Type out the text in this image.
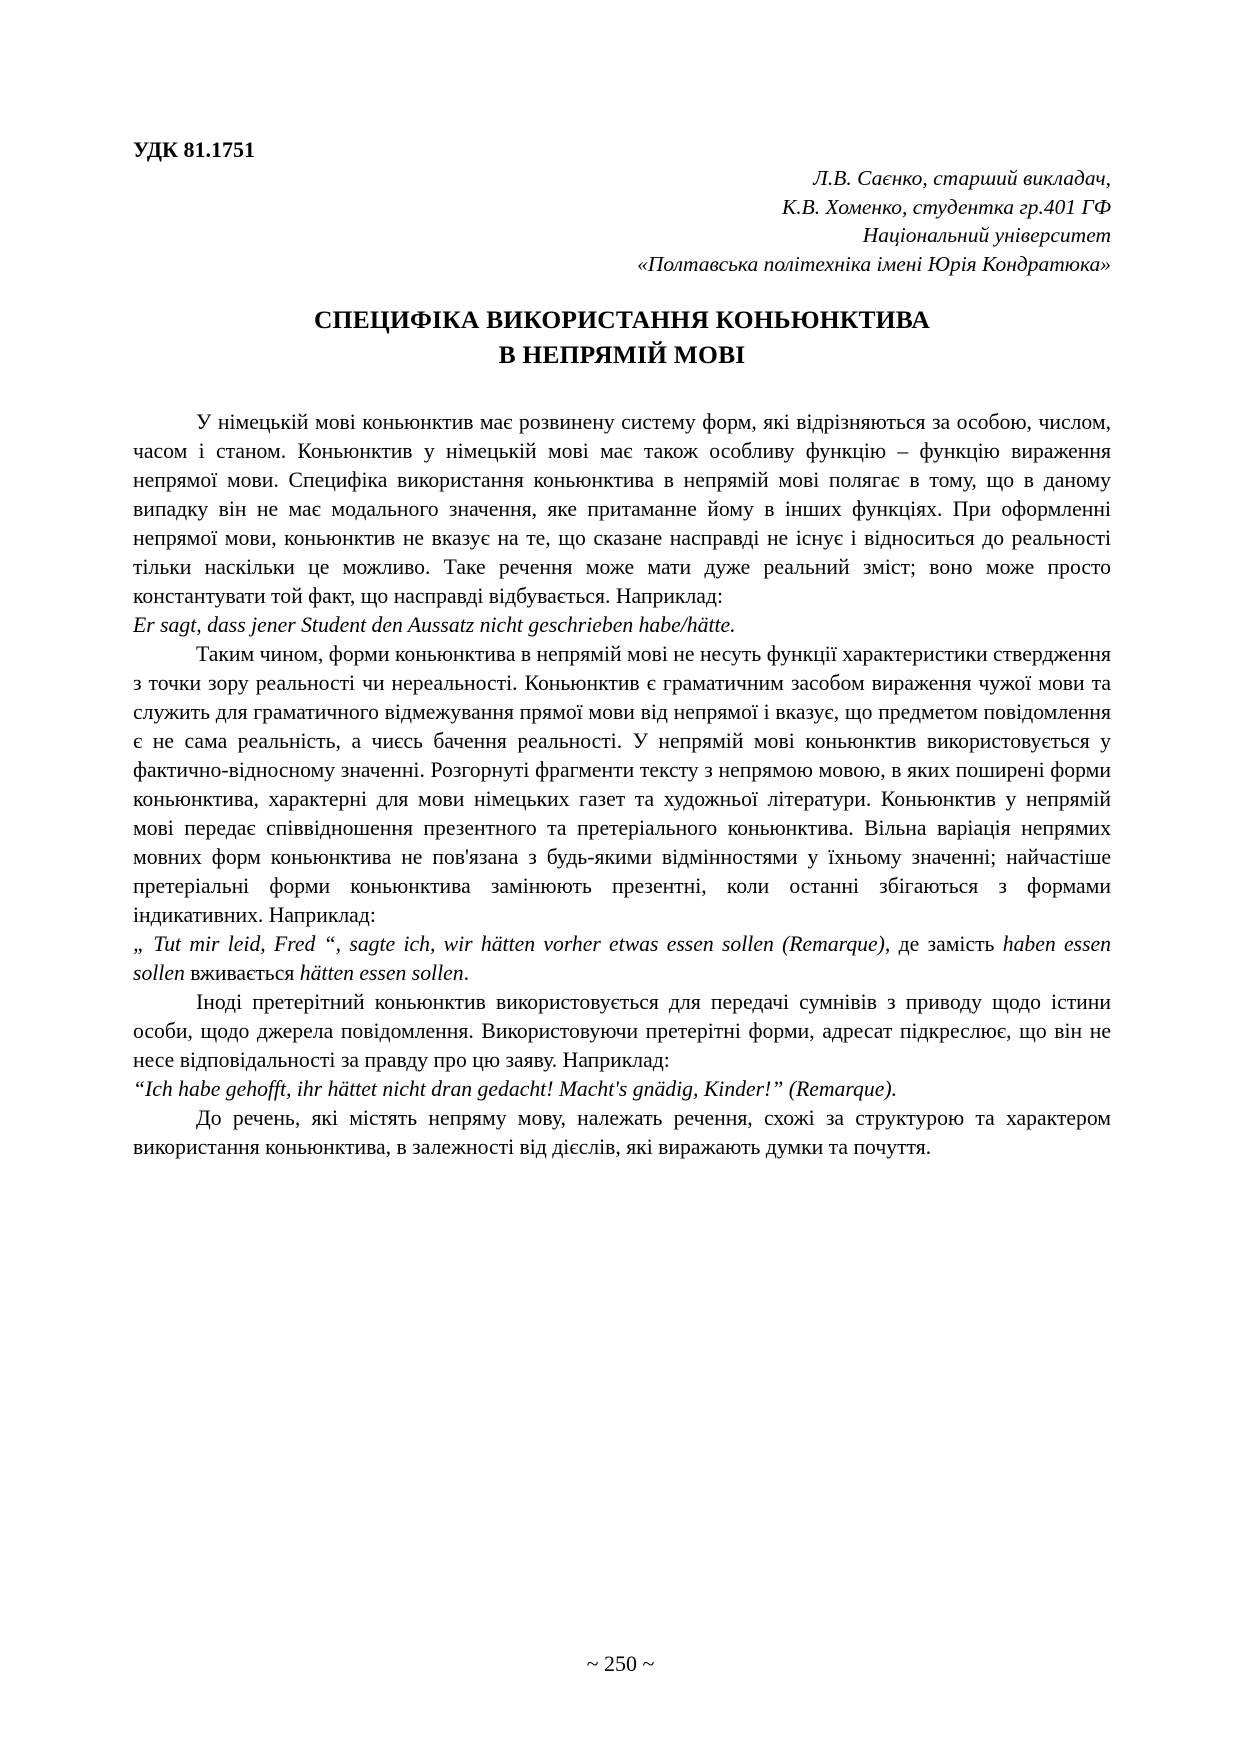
УДК 81.1751
Л.В. Саєнко, старший викладач,
К.В. Хоменко, студентка гр.401 ГФ
Національний університет
«Полтавська політехніка імені Юрія Кондратюка»
СПЕЦИФІКА ВИКОРИСТАННЯ КОНЬЮНКТИВА
В НЕПРЯМІЙ МОВІ

У німецькій мові коньюнктив має розвинену систему форм, які відрізняються за особою, числом, часом і станом. Коньюнктив у німецькій мові має також особливу функцію – функцію вираження непрямої мови. Специфіка використання коньюнктива в непрямій мові полягає в тому, що в даному випадку він не має модального значення, яке притаманне йому в інших функціях. При оформленні непрямої мови, коньюнктив не вказує на те, що сказане насправді не існує і відноситься до реальності тільки наскільки це можливо. Таке речення може мати дуже реальний зміст; воно може просто константувати той факт, що насправді відбувається. Наприклад:

Er sagt, dass jener Student den Aussatz nicht geschrieben habe/hätte.

Таким чином, форми коньюнктива в непрямій мові не несуть функції характеристики ствердження з точки зору реальності чи нереальності. Коньюнктив є граматичним засобом вираження чужої мови та служить для граматичного відмежування прямої мови від непрямої і вказує, що предметом повідомлення є не сама реальність, а чиєсь бачення реальності. У непрямій мові коньюнктив використовується у фактично-відносному значенні. Розгорнуті фрагменти тексту з непрямою мовою, в яких поширені форми коньюнктива, характерні для мови німецьких газет та художньої літератури. Коньюнктив у непрямій мові передає співвідношення презентного та претеріального коньюнктива. Вільна варіація непрямих мовних форм коньюнктива не пов'язана з будь-якими відмінностями у їхньому значенні; найчастіше претеріальні форми коньюнктива замінюють презентні, коли останні збігаються з формами індикативних. Наприклад:

„ Tut mir leid, Fred “, sagte ich, wir hätten vorher etwas essen sollen (Remarque), де замість haben essen sollen вживається hätten essen sollen.

Іноді претерітний коньюнктив використовується для передачі сумнівів з приводу щодо істини особи, щодо джерела повідомлення. Використовуючи претерітні форми, адресат підкреслює, що він не несе відповідальності за правду про цю заяву. Наприклад:

“Ich habe gehofft, ihr hättet nicht dran gedacht! Macht's gnädig, Kinder!” (Remarque).

До речень, які містять непряму мову, належать речення, схожі за структурою та характером використання коньюнктива, в залежності від дієслів, які виражають думки та почуття.

~ 250 ~
